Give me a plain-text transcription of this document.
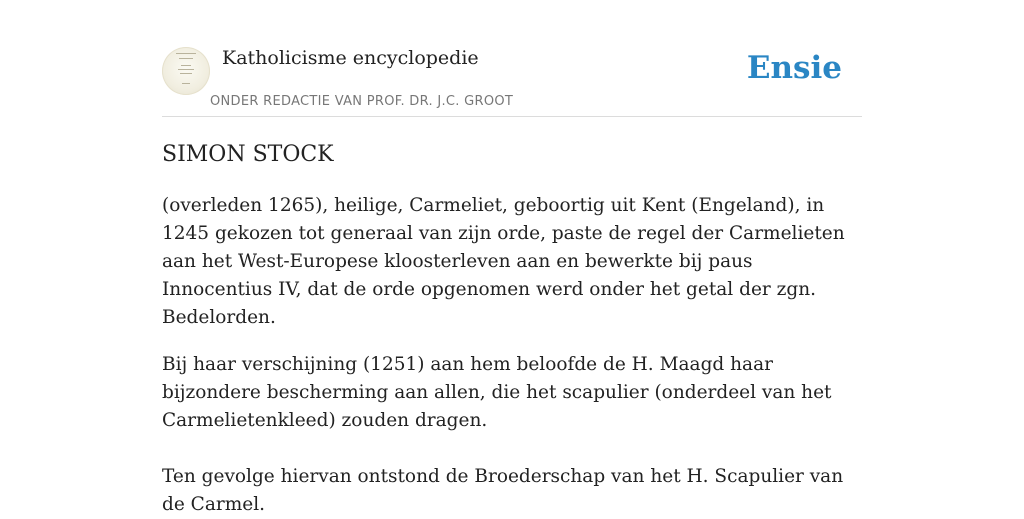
Katholicisme encyclopedie
ONDER REDACTIE VAN PROF. DR. J.C. GROOT
Ensie
SIMON STOCK

(overleden 1265), heilige, Carmeliet, geboortig uit Kent (Engeland), in 1245 gekozen tot generaal van zijn orde, paste de regel der Carmelieten aan het West-Europese kloosterleven aan en bewerkte bij paus Innocentius IV, dat de orde opgenomen werd onder het getal der zgn. Bedelorden.

Bij haar verschijning (1251) aan hem beloofde de H. Maagd haar bijzondere bescherming aan allen, die het scapulier (onderdeel van het Carmelietenkleed) zouden dragen.

Ten gevolge hiervan ontstond de Broederschap van het H. Scapulier van de Carmel.
